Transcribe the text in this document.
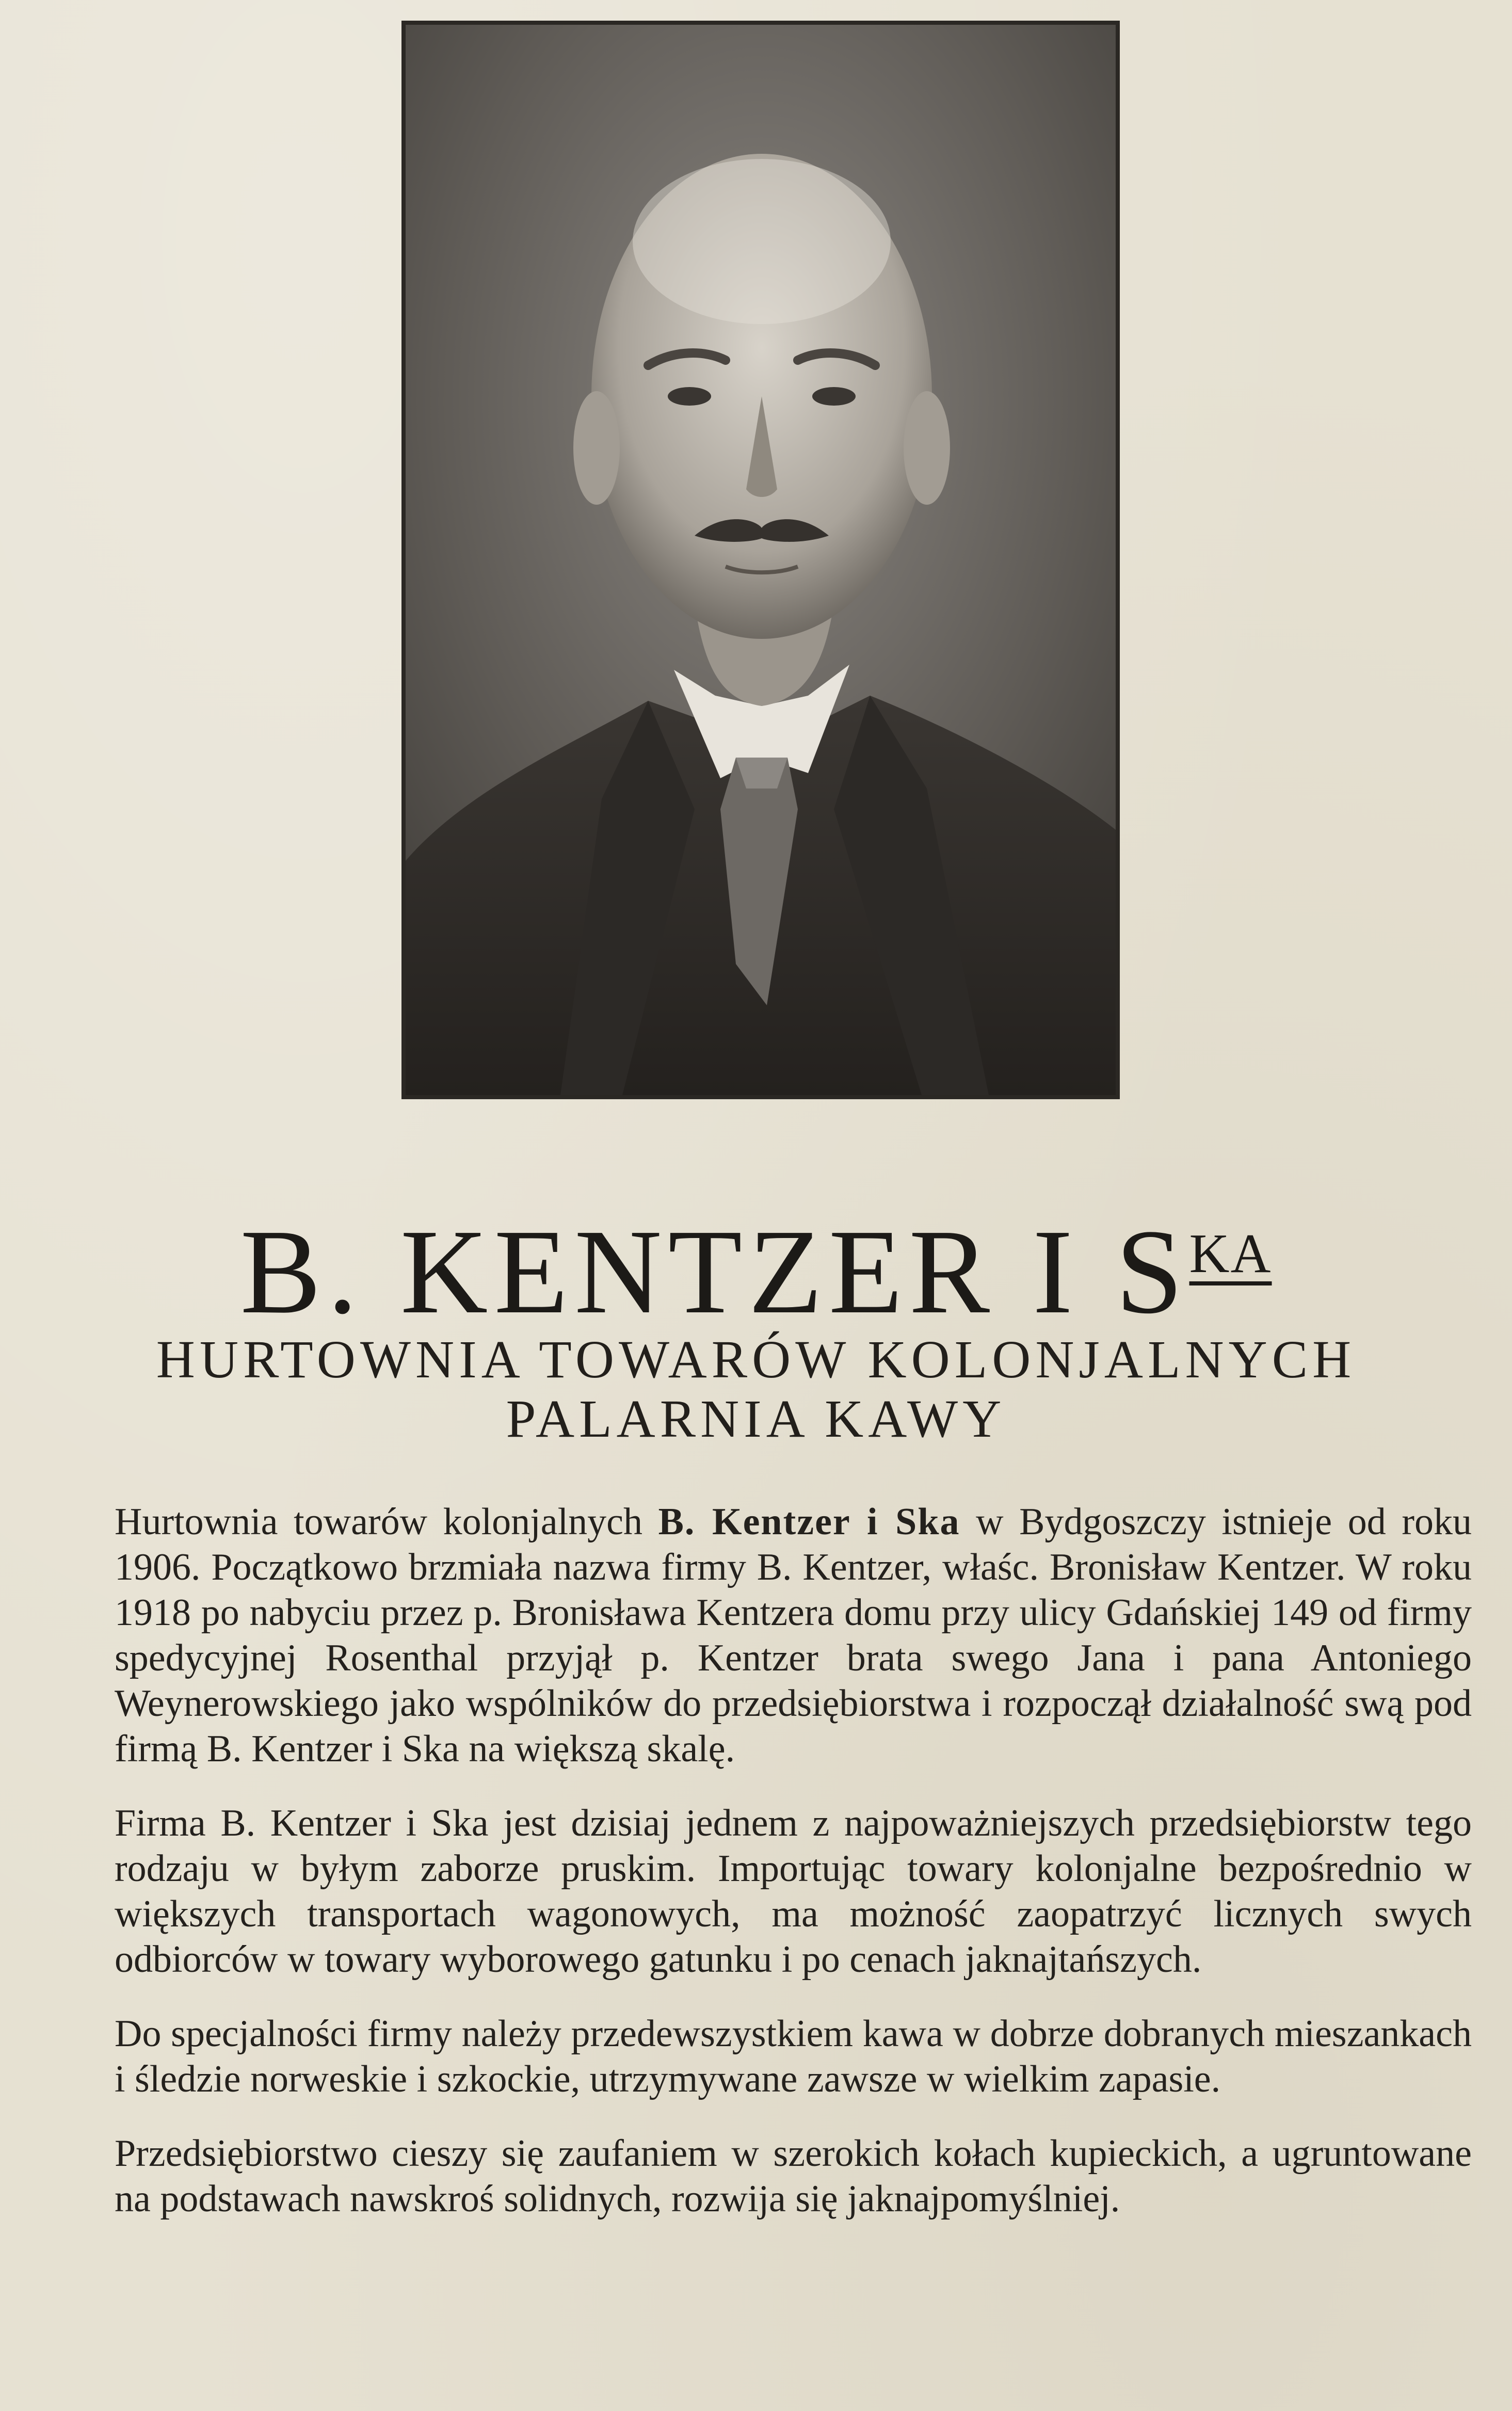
B. KENTZER I $S^{KA}$
HURTOWNIA TOWARÓW KOLONJALNYCH
PALARNIA KAWY

Hurtownia towarów kolonjalnych B. Kentzer i Ska w Bydgoszczy istnieje od roku 1906. Początkowo brzmiała nazwa firmy B. Kentzer, właśc. Bronisław Kentzer. W roku 1918 po nabyciu przez p. Bronisława Kentzera domu przy ulicy Gdańskiej 149 od firmy spedycyjnej Rosenthal przyjął p. Kentzer brata swego Jana i pana Antoniego Weynerowskiego jako wspólników do przedsiębiorstwa i rozpoczął działalność swą pod firmą B. Kentzer i Ska na większą skalę.

Firma B. Kentzer i Ska jest dzisiaj jednem z najpoważniejszych przedsiębiorstw tego rodzaju w byłym zaborze pruskim. Importując towary kolonjalne bezpośrednio w większych transportach wagonowych, ma możność zaopatrzyć licznych swych odbiorców w towary wyborowego gatunku i po cenach jaknajtańszych.

Do specjalności firmy należy przedewszystkiem kawa w dobrze dobranych mieszankach i śledzie norweskie i szkockie, utrzymywane zawsze w wielkim zapasie.

Przedsiębiorstwo cieszy się zaufaniem w szerokich kołach kupieckich, a ugruntowane na podstawach nawskroś solidnych, rozwija się jaknajpomyślniej.
